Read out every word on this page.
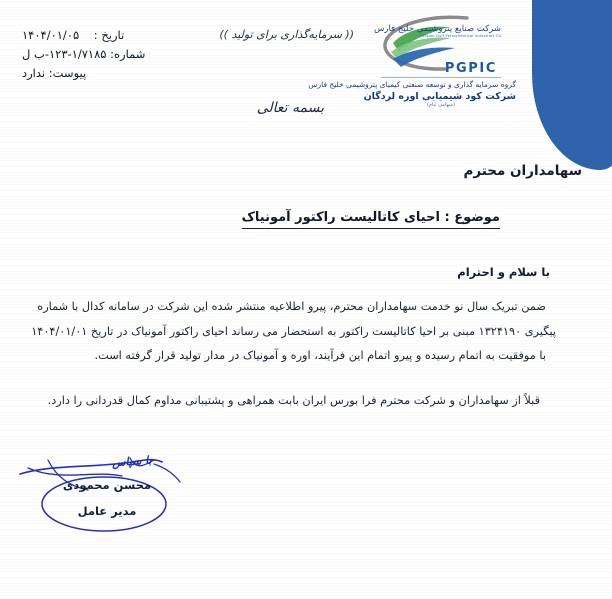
شرکت صنایع پتروشیمی خلیج فارس
Persian Gulf Petrochemical Industries Co.
PGPIC
گروه سرمایه گذاری و توسعه صنعتی کیمیای پتروشیمی خلیج فارس
شرکت کود شیمیایی اوره لردگان
(سهامی عام)
(( سرمایه‌گذاری برای تولید ))
تاریخ :    ۱۴۰۴/۰۱/۰۵
شماره: ۱/۷۱۸۵-۱۲۳-ب ل
پیوست: ندارد
بسمه تعالی
سهامداران محترم
موضوع : احیای کاتالیست راکتور آمونیاک
با سلام و احترام
ضمن تبریک سال نو خدمت سهامداران محترم، پیرو اطلاعیه منتشر شده این شرکت در سامانه کدال با شماره
پیگیری ۱۳۲۴۱۹۰ مبنی بر احیا کاتالیست راکتور به استحضار می رساند احیای راکتور آمونیاک در تاریخ ۱۴۰۴/۰۱/۰۱
با موفقیت به اتمام رسیده و پیرو اتمام این فرآیند، اوره و آمونیاک در مدار تولید قرار گرفته است.
قبلاً از سهامداران و شرکت محترم فرا بورس ایران بابت همراهی و پشتیبانی مداوم کمال قدردانی را دارد.
با سپاس
محسن محمودی
مدیر عامل
